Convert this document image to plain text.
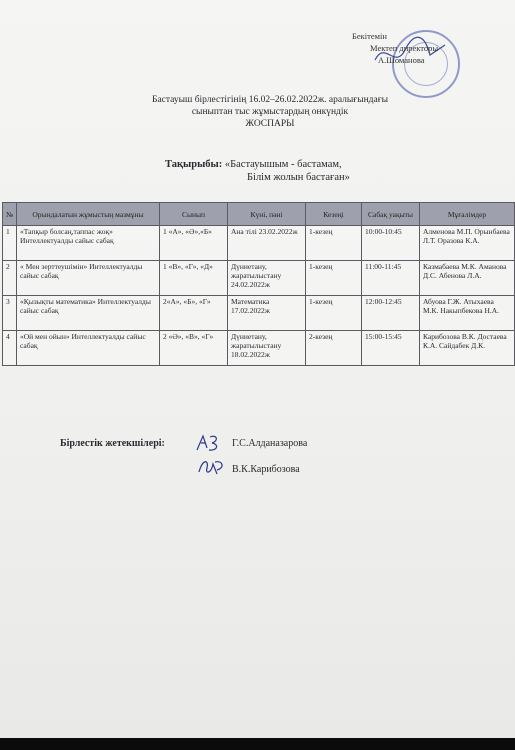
Бекітемін
Мектеп директоры
А.Шоманова
Бастауыш бірлестігінің 16.02–26.02.2022ж. аралығындағы
сыныптан тыс жұмыстардың онкүндік
ЖОСПАРЫ
Тақырыбы: «Бастауышым - бастамам,
Білім жолын бастаған»
№	Орындалатын жұмыстың мазмұны	Сынып	Күні, пәні	Кезеңі	Сабақ уақыты	Мұғалімдер
1	«Тапқыр болсаң,таппас жоқ» Интеллектуалды сайыс сабақ	1 «А», «Ә»,«Б»	Ана тілі 23.02.2022ж	1-кезең	10:00-10:45	Алменова М.П. Орынбаева Л.Т. Оразова К.А.
2	« Мен зерттеушімін» Интеллектуалды сайыс сабақ	1 «В», «Г», «Д»	Дүниетану, жаратылыстану 24.02.2022ж	1-кезең	11:00-11:45	Казмабаева М.К. Аманова Д.С. Абенова Л.А.
3	«Қызықты математика» Интеллектуалды сайыс сабақ	2«А», «Б», «Г»	Математика 17.02.2022ж	1-кезең	12:00-12:45	Абуова Г.Ж. Атыхаева М.К. Накыпбекова Н.А.
4	«Ой мен ойын» Интеллектуалды сайыс сабақ	2 «Ә», «В», «Г»	Дүниетану, жаратылыстану 18.02.2022ж	2-кезең	15:00-15:45	Карибозова В.К. Достаева К.А. Сайдабек Д.К.
Бірлестік жетекшілері:	Г.С.Алданазарова
В.К.Карибозова
